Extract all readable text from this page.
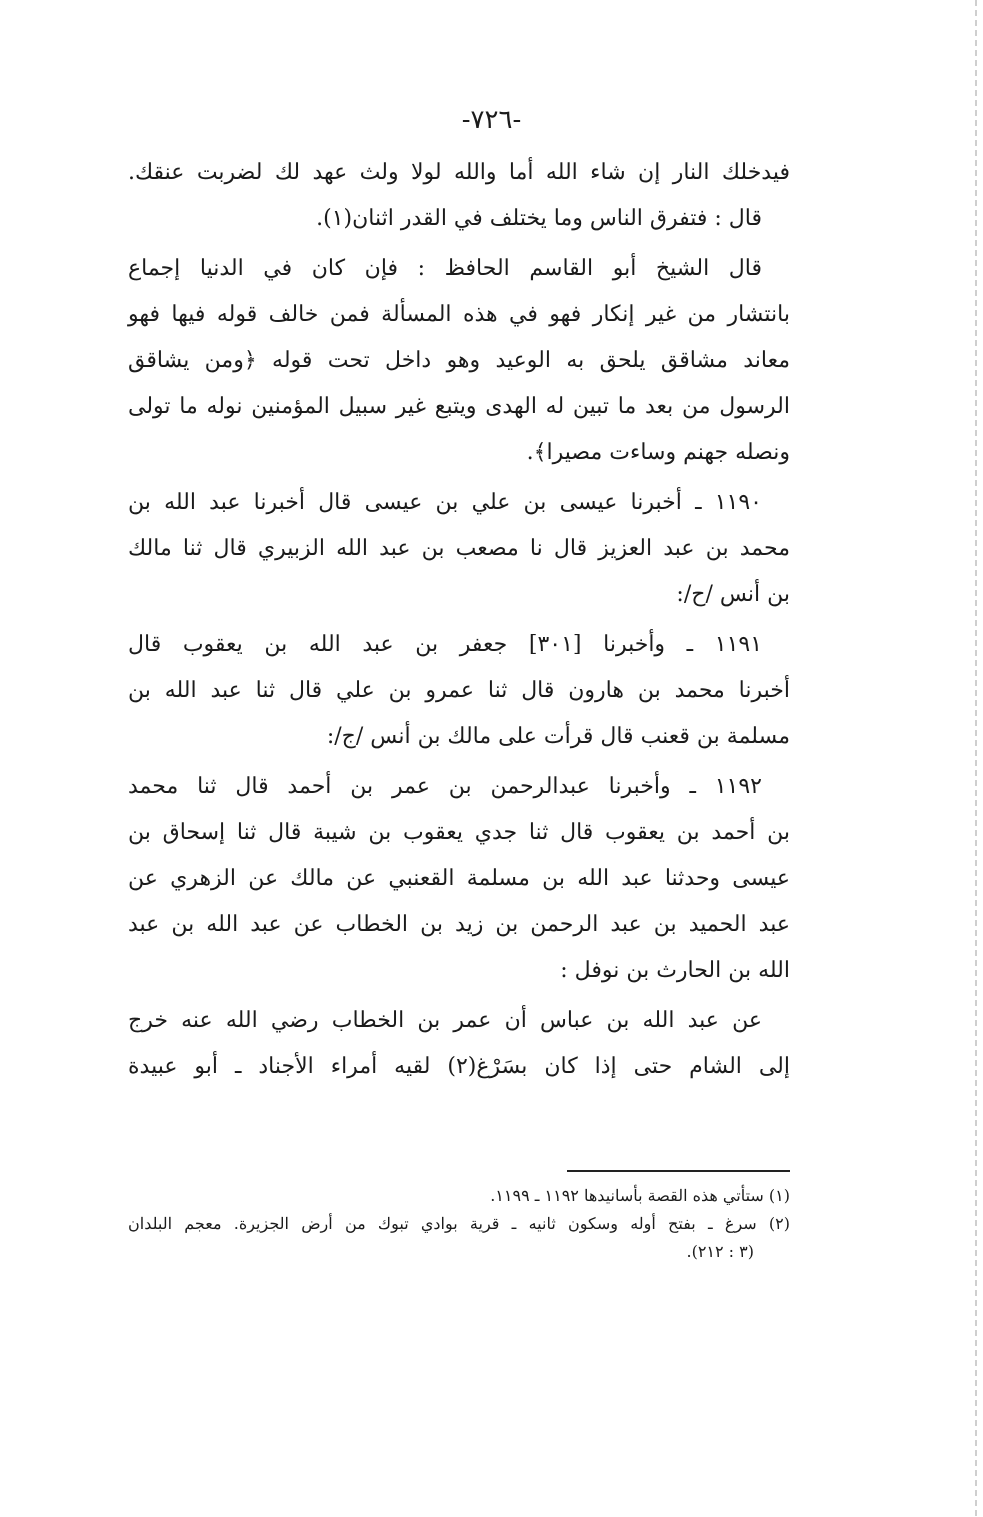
-٧٢٦-
فيدخلك النار إن شاء الله أما والله لولا ولث عهد لك لضربت عنقك.
قال : فتفرق الناس وما يختلف في القدر اثنان(١).
قال الشيخ أبو القاسم الحافظ : فإن كان في الدنيا إجماع
بانتشار من غير إنكار فهو في هذه المسألة فمن خالف قوله فيها فهو
معاند مشاقق يلحق به الوعيد وهو داخل تحت قوله ﴿ومن يشاقق
الرسول من بعد ما تبين له الهدى ويتبع غير سبيل المؤمنين نوله ما تولى
ونصله جهنم وساءت مصيرا﴾.
١١٩٠ ـ أخبرنا عيسى بن علي بن عيسى قال أخبرنا عبد الله بن
محمد بن عبد العزيز قال نا مصعب بن عبد الله الزبيري قال ثنا مالك
بن أنس /ح/:
١١٩١ ـ وأخبرنا [٣٠١] جعفر بن عبد الله بن يعقوب قال
أخبرنا محمد بن هارون قال ثنا عمرو بن علي قال ثنا عبد الله بن
مسلمة بن قعنب قال قرأت على مالك بن أنس /ج/:
١١٩٢ ـ وأخبرنا عبدالرحمن بن عمر بن أحمد قال ثنا محمد
بن أحمد بن يعقوب قال ثنا جدي يعقوب بن شيبة قال ثنا إسحاق بن
عيسى وحدثنا عبد الله بن مسلمة القعنبي عن مالك عن الزهري عن
عبد الحميد بن عبد الرحمن بن زيد بن الخطاب عن عبد الله بن عبد
الله بن الحارث بن نوفل :
عن عبد الله بن عباس أن عمر بن الخطاب رضي الله عنه خرج
إلى الشام حتى إذا كان بسَرْغ(٢) لقيه أمراء الأجناد ـ أبو عبيدة
(١) ستأتي هذه القصة بأسانيدها ١١٩٢ ـ ١١٩٩.
(٢) سرغ ـ بفتح أوله وسكون ثانيه ـ قرية بوادي تبوك من أرض الجزيرة. معجم البلدان
(٣ : ٢١٢).
